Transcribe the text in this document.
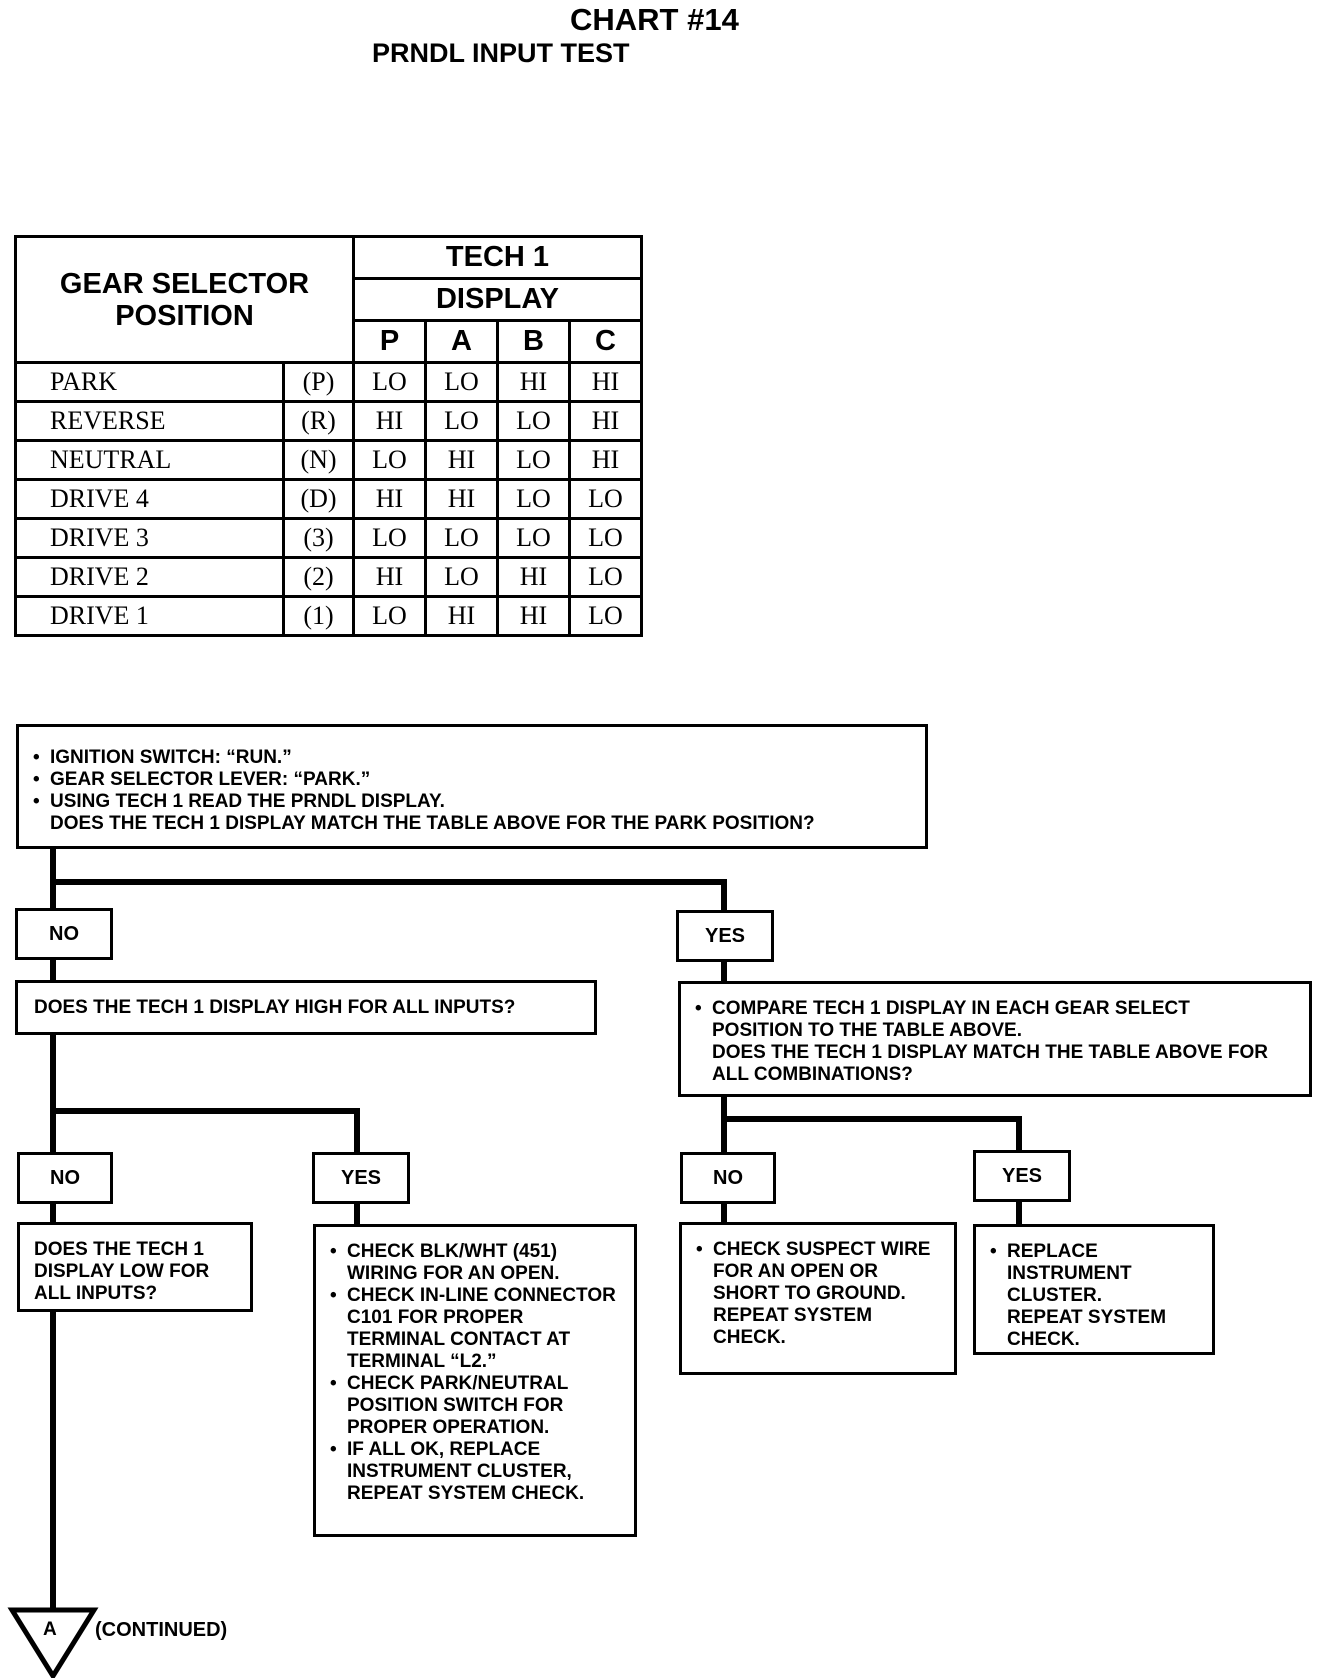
CHART #14
PRNDL INPUT TEST
GEAR SELECTOR POSITION		TECH 1			
		DISPLAY			
		P	A	B	C
PARK	(P)	LO	LO	HI	HI
REVERSE	(R)	HI	LO	LO	HI
NEUTRAL	(N)	LO	HI	LO	HI
DRIVE 4	(D)	HI	HI	LO	LO
DRIVE 3	(3)	LO	LO	LO	LO
DRIVE 2	(2)	HI	LO	HI	LO
DRIVE 1	(1)	LO	HI	HI	LO
• IGNITION SWITCH: “RUN.”
• GEAR SELECTOR LEVER: “PARK.”
• USING TECH 1 READ THE PRNDL DISPLAY.
DOES THE TECH 1 DISPLAY MATCH THE TABLE ABOVE FOR THE PARK POSITION?
NO	YES
DOES THE TECH 1 DISPLAY HIGH FOR ALL INPUTS?	• COMPARE TECH 1 DISPLAY IN EACH GEAR SELECT POSITION TO THE TABLE ABOVE.
DOES THE TECH 1 DISPLAY MATCH THE TABLE ABOVE FOR ALL COMBINATIONS?
NO	YES	NO	YES
DOES THE TECH 1 DISPLAY LOW FOR ALL INPUTS?
• CHECK BLK/WHT (451) WIRING FOR AN OPEN.
• CHECK IN-LINE CONNECTOR C101 FOR PROPER TERMINAL CONTACT AT TERMINAL “L2.”
• CHECK PARK/NEUTRAL POSITION SWITCH FOR PROPER OPERATION.
• IF ALL OK, REPLACE INSTRUMENT CLUSTER, REPEAT SYSTEM CHECK.
• CHECK SUSPECT WIRE FOR AN OPEN OR SHORT TO GROUND.
REPEAT SYSTEM CHECK.
• REPLACE INSTRUMENT CLUSTER.
REPEAT SYSTEM CHECK.
A (CONTINUED)
